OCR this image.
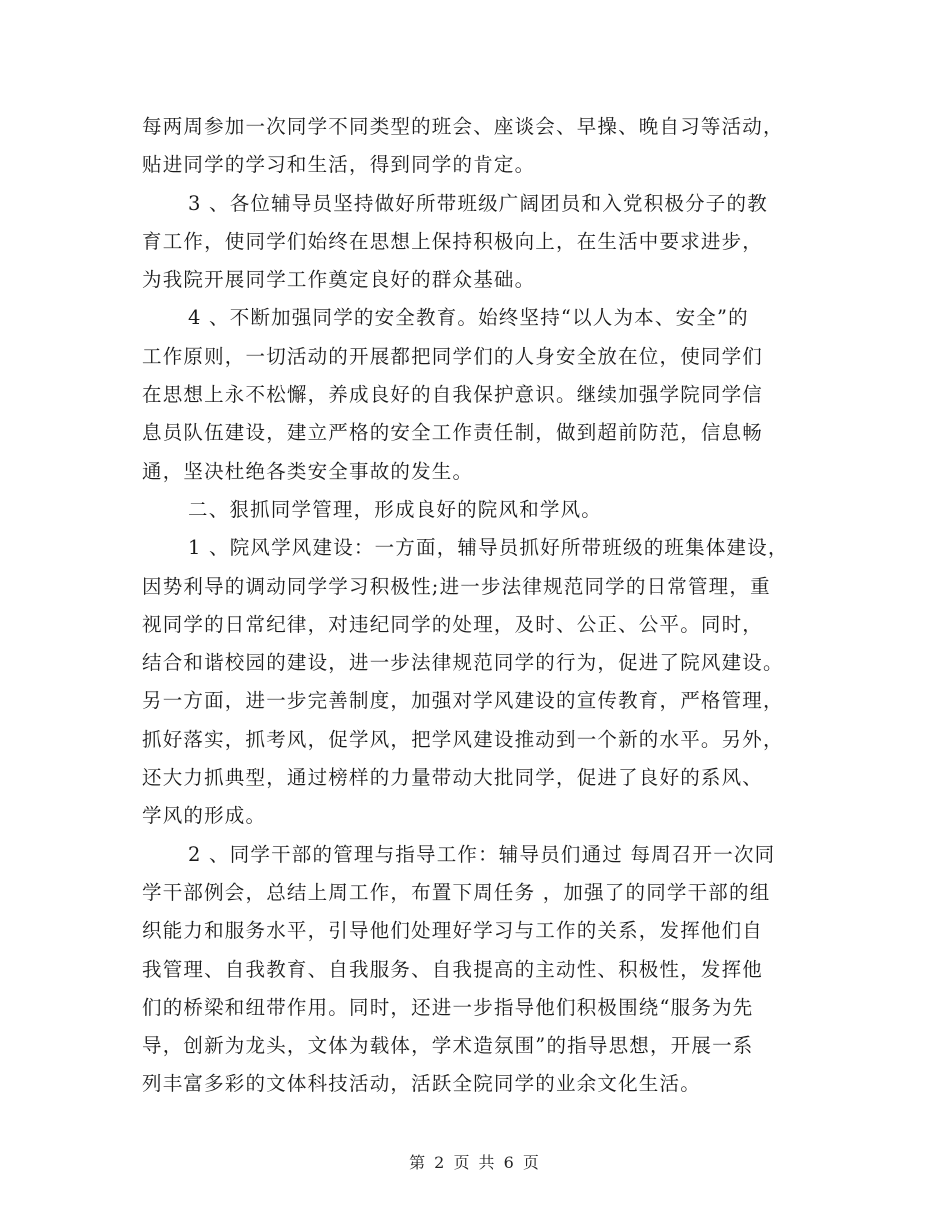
每两周参加一次同学不同类型的班会、座谈会、早操、晚自习等活动，
贴进同学的学习和生活，得到同学的肯定。
3 、各位辅导员坚持做好所带班级广阔团员和入党积极分子的教
育工作，使同学们始终在思想上保持积极向上，在生活中要求进步，
为我院开展同学工作奠定良好的群众基础。
4 、不断加强同学的安全教育。始终坚持“以人为本、安全”的
工作原则，一切活动的开展都把同学们的人身安全放在位，使同学们
在思想上永不松懈，养成良好的自我保护意识。继续加强学院同学信
息员队伍建设，建立严格的安全工作责任制，做到超前防范，信息畅
通，坚决杜绝各类安全事故的发生。
二、狠抓同学管理，形成良好的院风和学风。
1 、院风学风建设：一方面，辅导员抓好所带班级的班集体建设，
因势利导的调动同学学习积极性;进一步法律规范同学的日常管理，重
视同学的日常纪律，对违纪同学的处理，及时、公正、公平。同时，
结合和谐校园的建设，进一步法律规范同学的行为，促进了院风建设。
另一方面，进一步完善制度，加强对学风建设的宣传教育，严格管理，
抓好落实，抓考风，促学风，把学风建设推动到一个新的水平。另外，
还大力抓典型，通过榜样的力量带动大批同学，促进了良好的系风、
学风的形成。
2 、同学干部的管理与指导工作：辅导员们通过 每周召开一次同
学干部例会，总结上周工作，布置下周任务 ，加强了的同学干部的组
织能力和服务水平，引导他们处理好学习与工作的关系，发挥他们自
我管理、自我教育、自我服务、自我提高的主动性、积极性，发挥他
们的桥梁和纽带作用。同时，还进一步指导他们积极围绕“服务为先
导，创新为龙头，文体为载体，学术造氛围”的指导思想，开展一系
列丰富多彩的文体科技活动，活跃全院同学的业余文化生活。
第 2 页 共 6 页
